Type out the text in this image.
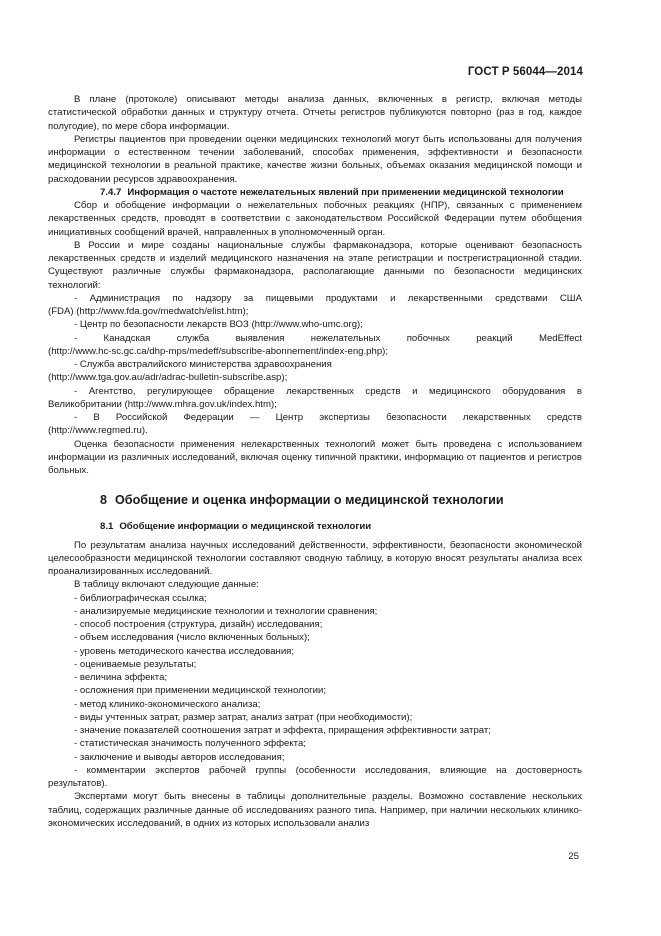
ГОСТ Р 56044—2014

В плане (протоколе) описывают методы анализа данных, включенных в регистр, включая методы статистической обработки данных и структуру отчета. Отчеты регистров публикуются повторно (раз в год, каждое полугодие), по мере сбора информации.

Регистры пациентов при проведении оценки медицинских технологий могут быть использованы для получения информации о естественном течении заболеваний, способах применения, эффективности и безопасности медицинской технологии в реальной практике, качестве жизни больных, объемах оказания медицинской помощи и расходовании ресурсов здравоохранения.

7.4.7 Информация о частоте нежелательных явлений при применении медицинской технологии

Сбор и обобщение информации о нежелательных побочных реакциях (НПР), связанных с применением лекарственных средств, проводят в соответствии с законодательством Российской Федерации путем обобщения инициативных сообщений врачей, направленных в уполномоченный орган.

В России и мире созданы национальные службы фармаконадзора, которые оценивают безопасность лекарственных средств и изделий медицинского назначения на этапе регистрации и пострегистрационной стадии. Существуют различные службы фармаконадзора, располагающие данными по безопасности медицинских технологий:

- Администрация по надзору за пищевыми продуктами и лекарственными средствами США

(FDA) (http://www.fda.gov/medwatch/elist.htm);

- Центр по безопасности лекарств ВОЗ (http://www.who-umc.org);

- Канадская служба выявления нежелательных побочных реакций MedEffect

(http://www.hc-sc.gc.ca/dhp-mps/medeff/subscribe-abonnement/index-eng.php);

- Служба австралийского министерства здравоохранения

(http://www.tga.gov.au/adr/adrac-bulletin-subscribe.asp);

- Агентство, регулирующее обращение лекарственных средств и медицинского оборудования в

Великобритании (http://www.mhra.gov.uk/index.htm);

- В Российской Федерации — Центр экспертизы безопасности лекарственных средств

(http://www.regmed.ru).

Оценка безопасности применения нелекарственных технологий может быть проведена с использованием информации из различных исследований, включая оценку типичной практики, информацию от пациентов и регистров больных.

8 Обобщение и оценка информации о медицинской технологии

8.1 Обобщение информации о медицинской технологии

По результатам анализа научных исследований действенности, эффективности, безопасности экономической целесообразности медицинской технологии составляют сводную таблицу, в которую вносят результаты анализа всех проанализированных исследований.

В таблицу включают следующие данные:

- библиографическая ссылка;

- анализируемые медицинские технологии и технологии сравнения;

- способ построения (структура, дизайн) исследования;

- объем исследования (число включенных больных);

- уровень методического качества исследования;

- оцениваемые результаты;

- величина эффекта;

- осложнения при применении медицинской технологии;

- метод клинико-экономического анализа;

- виды учтенных затрат, размер затрат, анализ затрат (при необходимости);

- значение показателей соотношения затрат и эффекта, приращения эффективности затрат;

- статистическая значимость полученного эффекта;

- заключение и выводы авторов исследования;

- комментарии экспертов рабочей группы (особенности исследования, влияющие на достоверность результатов).

Экспертами могут быть внесены в таблицы дополнительные разделы. Возможно составление нескольких таблиц, содержащих различные данные об исследованиях разного типа. Например, при наличии нескольких клинико-экономических исследований, в одних из которых использовали анализ

25
